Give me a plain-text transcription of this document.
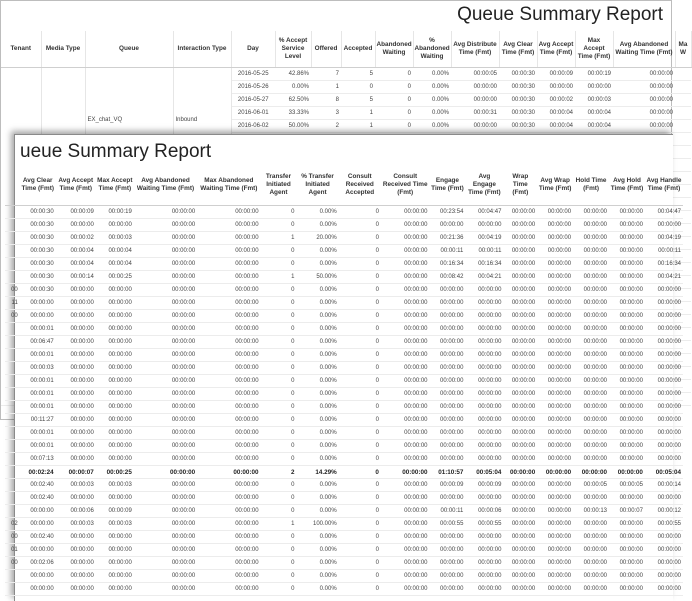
Queue Summary Report
Tenant	Media Type	Queue	Interaction Type	Day	% Accept Service Level	Offered	Accepted	Abandoned Waiting	% Abandoned Waiting	Avg Distribute Time (Fmt)	Avg Clear Time (Fmt)	Avg Accept Time (Fmt)	Max Accept Time (Fmt)	Avg Abandoned Waiting Time (Fmt)	Ma W
		EX_chat_VQ	Inbound	2016-05-25	42.86%	7	5	0	0.00%	00:00:05	00:00:30	00:00:09	00:00:19	00:00:00	
				2016-05-26	0.00%	1	0	0	0.00%	00:00:00	00:00:30	00:00:00	00:00:00	00:00:00	
				2016-05-27	62.50%	8	5	0	0.00%	00:00:00	00:00:30	00:00:02	00:00:03	00:00:00	
				2016-06-01	33.33%	3	1	0	0.00%	00:00:31	00:00:30	00:00:04	00:00:04	00:00:00	
				2016-06-02	50.00%	2	1	0	0.00%	00:00:00	00:00:30	00:00:04	00:00:04	00:00:00	

ueue Summary Report
	Avg Clear Time (Fmt)	Avg Accept Time (Fmt)	Max Accept Time (Fmt)	Avg Abandoned Waiting Time (Fmt)	Max Abandoned Waiting Time (Fmt)	Transfer Initiated Agent	% Transfer Initiated Agent	Consult Received Accepted	Consult Received Time (Fmt)	Engage Time (Fmt)	Avg Engage Time (Fmt)	Wrap Time (Fmt)	Avg Wrap Time (Fmt)	Hold Time (Fmt)	Avg Hold Time (Fmt)	Avg Handle Time (Fmt)
	00:00:30	00:00:09	00:00:19	00:00:00	00:00:00	0	0.00%	0	00:00:00	00:23:54	00:04:47	00:00:00	00:00:00	00:00:00	00:00:00	00:04:47
	00:00:30	00:00:00	00:00:00	00:00:00	00:00:00	0	0.00%	0	00:00:00	00:00:00	00:00:00	00:00:00	00:00:00	00:00:00	00:00:00	00:00:00
	00:00:30	00:00:02	00:00:03	00:00:00	00:00:00	1	20.00%	0	00:00:00	00:21:36	00:04:19	00:00:00	00:00:00	00:00:00	00:00:00	00:04:19
	00:00:30	00:00:04	00:00:04	00:00:00	00:00:00	0	0.00%	0	00:00:00	00:00:11	00:00:11	00:00:00	00:00:00	00:00:00	00:00:00	00:00:11
	00:00:30	00:00:04	00:00:04	00:00:00	00:00:00	0	0.00%	0	00:00:00	00:16:34	00:16:34	00:00:00	00:00:00	00:00:00	00:00:00	00:16:34
	00:00:30	00:00:14	00:00:25	00:00:00	00:00:00	1	50.00%	0	00:00:00	00:08:42	00:04:21	00:00:00	00:00:00	00:00:00	00:00:00	00:04:21
00	00:00:30	00:00:00	00:00:00	00:00:00	00:00:00	0	0.00%	0	00:00:00	00:00:00	00:00:00	00:00:00	00:00:00	00:00:00	00:00:00	00:00:00
11	00:00:00	00:00:00	00:00:00	00:00:00	00:00:00	0	0.00%	0	00:00:00	00:00:00	00:00:00	00:00:00	00:00:00	00:00:00	00:00:00	00:00:00
00	00:00:00	00:00:00	00:00:00	00:00:00	00:00:00	0	0.00%	0	00:00:00	00:00:00	00:00:00	00:00:00	00:00:00	00:00:00	00:00:00	00:00:00
	00:00:01	00:00:00	00:00:00	00:00:00	00:00:00	0	0.00%	0	00:00:00	00:00:00	00:00:00	00:00:00	00:00:00	00:00:00	00:00:00	00:00:00
	00:06:47	00:00:00	00:00:00	00:00:00	00:00:00	0	0.00%	0	00:00:00	00:00:00	00:00:00	00:00:00	00:00:00	00:00:00	00:00:00	00:00:00
	00:00:01	00:00:00	00:00:00	00:00:00	00:00:00	0	0.00%	0	00:00:00	00:00:00	00:00:00	00:00:00	00:00:00	00:00:00	00:00:00	00:00:00
	00:00:03	00:00:00	00:00:00	00:00:00	00:00:00	0	0.00%	0	00:00:00	00:00:00	00:00:00	00:00:00	00:00:00	00:00:00	00:00:00	00:00:00
	00:00:01	00:00:00	00:00:00	00:00:00	00:00:00	0	0.00%	0	00:00:00	00:00:00	00:00:00	00:00:00	00:00:00	00:00:00	00:00:00	00:00:00
	00:00:01	00:00:00	00:00:00	00:00:00	00:00:00	0	0.00%	0	00:00:00	00:00:00	00:00:00	00:00:00	00:00:00	00:00:00	00:00:00	00:00:00
	00:00:01	00:00:00	00:00:00	00:00:00	00:00:00	0	0.00%	0	00:00:00	00:00:00	00:00:00	00:00:00	00:00:00	00:00:00	00:00:00	00:00:00
	00:11:27	00:00:00	00:00:00	00:00:00	00:00:00	0	0.00%	0	00:00:00	00:00:00	00:00:00	00:00:00	00:00:00	00:00:00	00:00:00	00:00:00
	00:00:01	00:00:00	00:00:00	00:00:00	00:00:00	0	0.00%	0	00:00:00	00:00:00	00:00:00	00:00:00	00:00:00	00:00:00	00:00:00	00:00:00
	00:00:01	00:00:00	00:00:00	00:00:00	00:00:00	0	0.00%	0	00:00:00	00:00:00	00:00:00	00:00:00	00:00:00	00:00:00	00:00:00	00:00:00
	00:07:13	00:00:00	00:00:00	00:00:00	00:00:00	0	0.00%	0	00:00:00	00:00:00	00:00:00	00:00:00	00:00:00	00:00:00	00:00:00	00:00:00
	00:02:24	00:00:07	00:00:25	00:00:00	00:00:00	2	14.29%	0	00:00:00	01:10:57	00:05:04	00:00:00	00:00:00	00:00:00	00:00:00	00:05:04
	00:02:40	00:00:03	00:00:03	00:00:00	00:00:00	0	0.00%	0	00:00:00	00:00:09	00:00:09	00:00:00	00:00:00	00:00:05	00:00:05	00:00:14
	00:02:40	00:00:00	00:00:00	00:00:00	00:00:00	0	0.00%	0	00:00:00	00:00:00	00:00:00	00:00:00	00:00:00	00:00:00	00:00:00	00:00:00
	00:00:00	00:00:06	00:00:09	00:00:00	00:00:00	0	0.00%	0	00:00:00	00:00:11	00:00:06	00:00:00	00:00:00	00:00:13	00:00:07	00:00:12
02	00:00:00	00:00:03	00:00:03	00:00:00	00:00:00	1	100.00%	0	00:00:00	00:00:55	00:00:55	00:00:00	00:00:00	00:00:00	00:00:00	00:00:55
00	00:02:40	00:00:00	00:00:00	00:00:00	00:00:00	0	0.00%	0	00:00:00	00:00:00	00:00:00	00:00:00	00:00:00	00:00:00	00:00:00	00:00:00
01	00:00:00	00:00:00	00:00:00	00:00:00	00:00:00	0	0.00%	0	00:00:00	00:00:00	00:00:00	00:00:00	00:00:00	00:00:00	00:00:00	00:00:00
00	00:02:06	00:00:00	00:00:00	00:00:00	00:00:00	0	0.00%	0	00:00:00	00:00:00	00:00:00	00:00:00	00:00:00	00:00:00	00:00:00	00:00:00
	00:00:00	00:00:00	00:00:00	00:00:00	00:00:00	0	0.00%	0	00:00:00	00:00:00	00:00:00	00:00:00	00:00:00	00:00:00	00:00:00	00:00:00
	00:00:00	00:00:00	00:00:00	00:00:00	00:00:00	0	0.00%	0	00:00:00	00:00:00	00:00:00	00:00:00	00:00:00	00:00:00	00:00:00	00:00:00
